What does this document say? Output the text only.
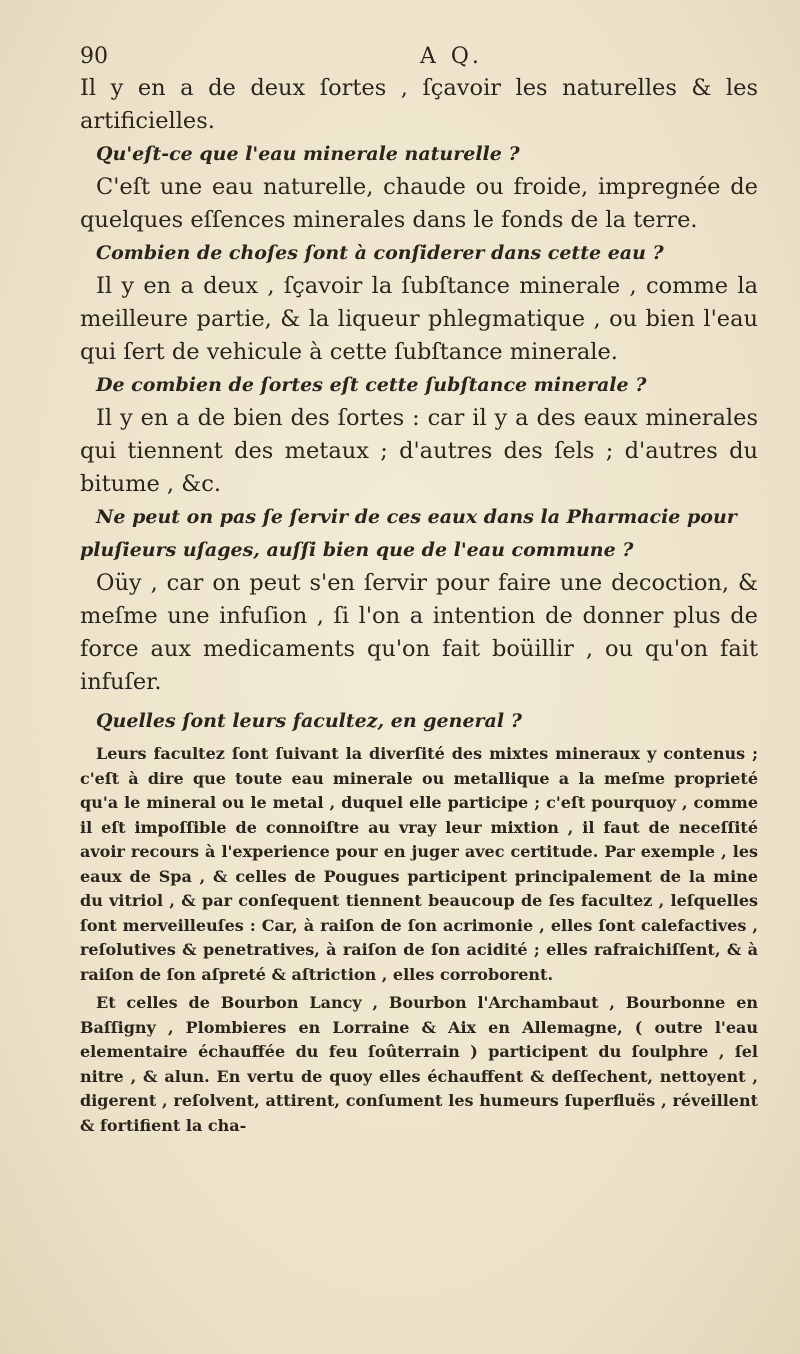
90	A Q.

Il y en a de deux ſortes , ſçavoir les naturelles & les artificielles.

Qu'eſt-ce que l'eau minerale naturelle ?

C'eſt une eau naturelle, chaude ou froide, impregnée de quelques eſſences minerales dans le fonds de la terre.

Combien de choſes ſont à conſiderer dans cette eau ?

Il y en a deux , ſçavoir la ſubſtance minerale , comme la meilleure partie, & la liqueur phlegmatique , ou bien l'eau qui ſert de vehicule à cette ſubſtance minerale.

De combien de ſortes eſt cette ſubſtance minerale ?

Il y en a de bien des ſortes : car il y a des eaux minerales qui tiennent des metaux ; d'autres des ſels ; d'autres du bitume , &c.

Ne peut on pas ſe ſervir de ces eaux dans la Pharmacie pour pluſieurs uſages, auſſi bien que de l'eau commune ?

Oüy , car on peut s'en ſervir pour faire une decoction, & meſme une infuſion , ſi l'on a intention de donner plus de force aux medicaments qu'on fait boüillir , ou qu'on fait infuſer.

Quelles ſont leurs facultez, en general ?

Leurs facultez ſont ſuivant la diverſité des mixtes mineraux y contenus ; c'eſt à dire que toute eau minerale ou metallique a la meſme proprieté qu'a le mineral ou le metal , duquel elle participe ; c'eſt pourquoy , comme il eſt impoſſible de connoiſtre au vray leur mixtion , il faut de neceſſité avoir recours à l'experience pour en juger avec certitude. Par exemple , les eaux de Spa , & celles de Pougues participent principalement de la mine du vitriol , & par conſequent tiennent beaucoup de ſes facultez , leſquelles ſont merveilleuſes : Car, à raiſon de ſon acrimonie , elles ſont calefactives , reſolutives & penetratives, à raiſon de ſon acidité ; elles rafraichiſſent, & à raiſon de ſon aſpreté & aſtriction , elles corroborent.

Et celles de Bourbon Lancy , Bourbon l'Archambaut , Bourbonne en Baſſigny , Plombieres en Lorraine & Aix en Allemagne, ( outre l'eau elementaire échauffée du feu ſoûterrain ) participent du ſoulphre , ſel nitre , & alun. En vertu de quoy elles échauffent & deſſechent, nettoyent , digerent , reſolvent, attirent, conſument les humeurs ſuperfluës , réveillent & fortifient la cha-
